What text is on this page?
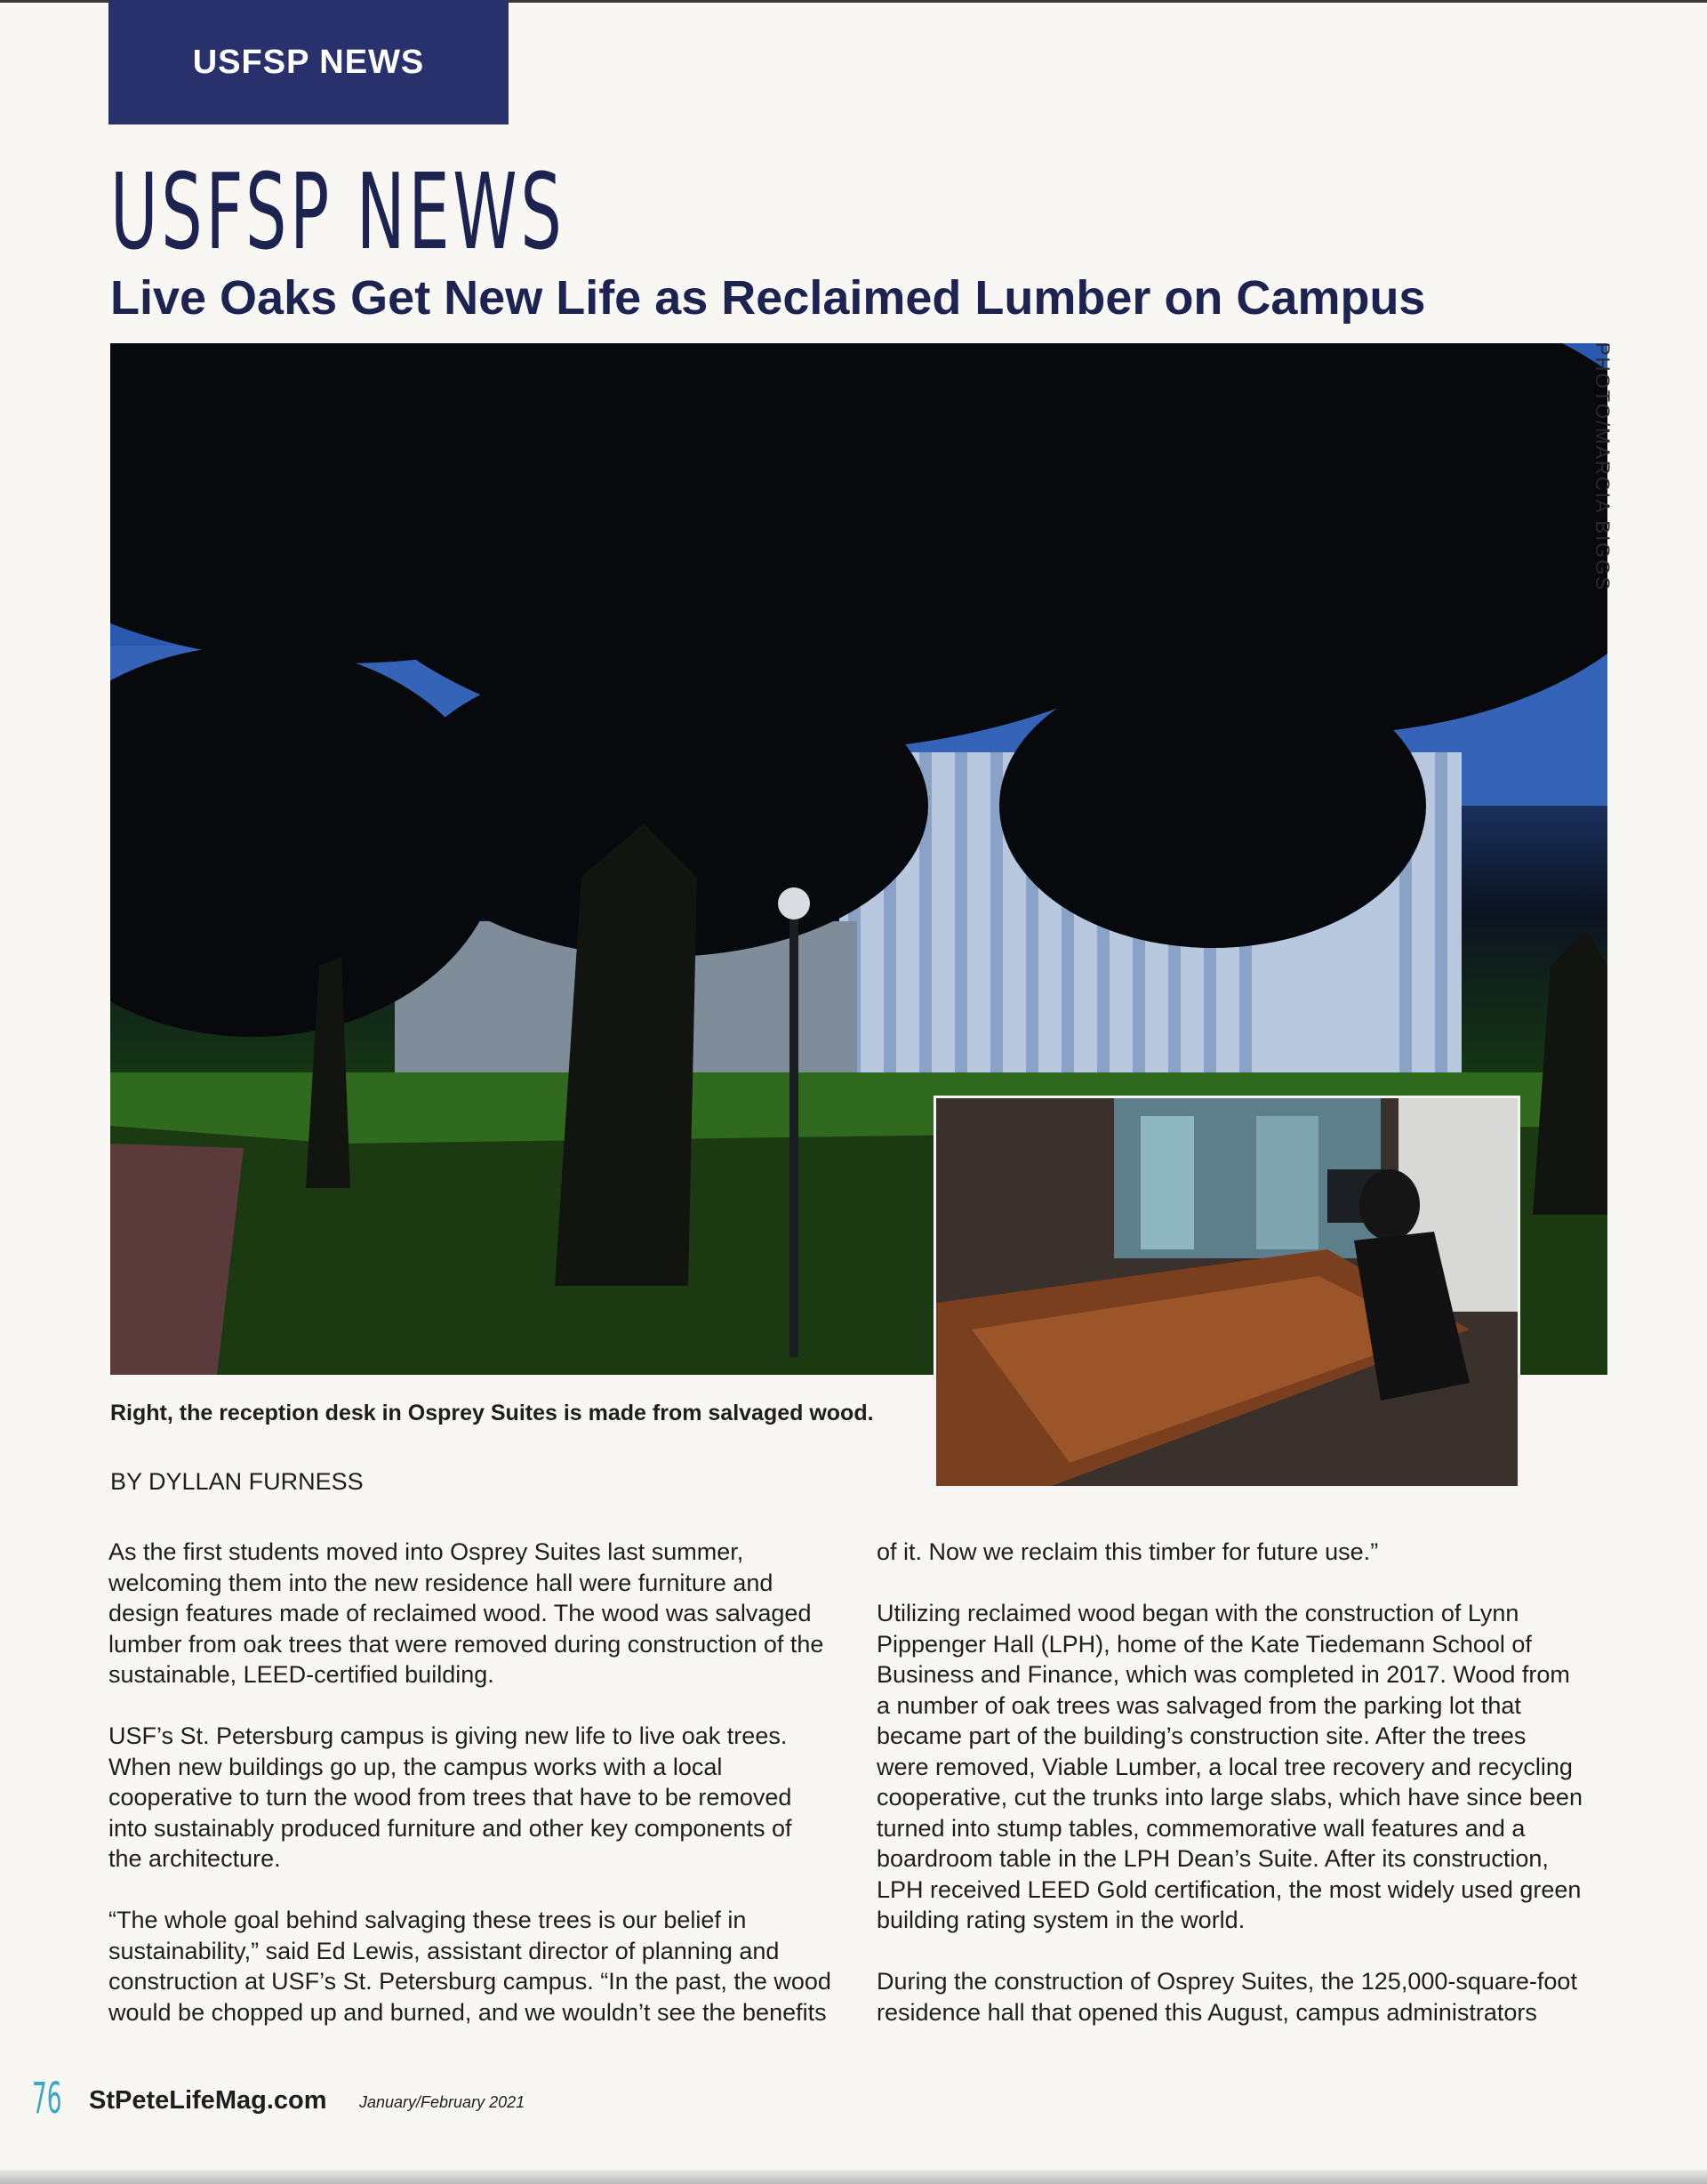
USFSP NEWS
USFSP NEWS
Live Oaks Get New Life as Reclaimed Lumber on Campus
PHOTO/MARCIA BIGGS
Right, the reception desk in Osprey Suites is made from salvaged wood.
BY DYLLAN FURNESS

As the first students moved into Osprey Suites last summer,
welcoming them into the new residence hall were furniture and
design features made of reclaimed wood. The wood was salvaged
lumber from oak trees that were removed during construction of the
sustainable, LEED-certified building.

USF’s St. Petersburg campus is giving new life to live oak trees.
When new buildings go up, the campus works with a local
cooperative to turn the wood from trees that have to be removed
into sustainably produced furniture and other key components of
the architecture.

“The whole goal behind salvaging these trees is our belief in
sustainability,” said Ed Lewis, assistant director of planning and
construction at USF’s St. Petersburg campus. “In the past, the wood
would be chopped up and burned, and we wouldn’t see the benefits

of it. Now we reclaim this timber for future use.”

Utilizing reclaimed wood began with the construction of Lynn
Pippenger Hall (LPH), home of the Kate Tiedemann School of
Business and Finance, which was completed in 2017. Wood from
a number of oak trees was salvaged from the parking lot that
became part of the building’s construction site. After the trees
were removed, Viable Lumber, a local tree recovery and recycling
cooperative, cut the trunks into large slabs, which have since been
turned into stump tables, commemorative wall features and a
boardroom table in the LPH Dean’s Suite. After its construction,
LPH received LEED Gold certification, the most widely used green
building rating system in the world.

During the construction of Osprey Suites, the 125,000-square-foot
residence hall that opened this August, campus administrators

76 StPeteLifeMag.com January/February 2021
